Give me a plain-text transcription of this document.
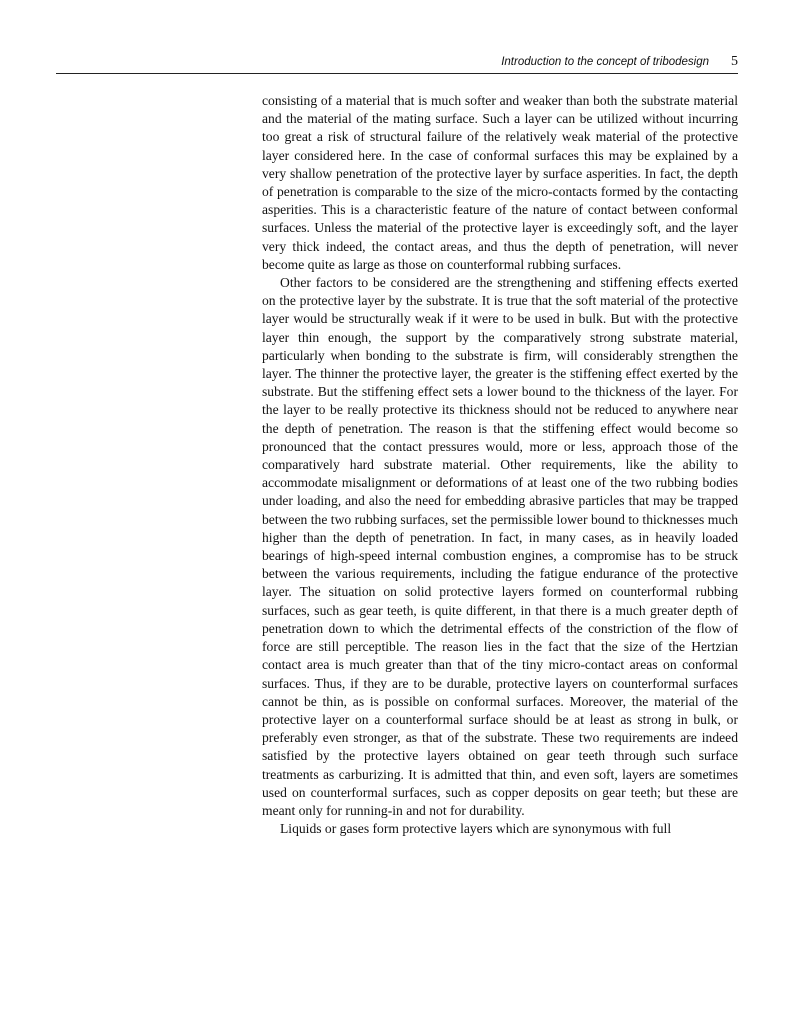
Introduction to the concept of tribodesign 5

consisting of a material that is much softer and weaker than both the substrate material and the material of the mating surface. Such a layer can be utilized without incurring too great a risk of structural failure of the relatively weak material of the protective layer considered here. In the case of conformal surfaces this may be explained by a very shallow penetration of the protective layer by surface asperities. In fact, the depth of penetration is comparable to the size of the micro-contacts formed by the contacting asperities. This is a characteristic feature of the nature of contact between conformal surfaces. Unless the material of the protective layer is exceedingly soft, and the layer very thick indeed, the contact areas, and thus the depth of penetration, will never become quite as large as those on counterformal rubbing surfaces.

Other factors to be considered are the strengthening and stiffening effects exerted on the protective layer by the substrate. It is true that the soft material of the protective layer would be structurally weak if it were to be used in bulk. But with the protective layer thin enough, the support by the comparatively strong substrate material, particularly when bonding to the substrate is firm, will considerably strengthen the layer. The thinner the protective layer, the greater is the stiffening effect exerted by the substrate. But the stiffening effect sets a lower bound to the thickness of the layer. For the layer to be really protective its thickness should not be reduced to anywhere near the depth of penetration. The reason is that the stiffening effect would become so pronounced that the contact pressures would, more or less, approach those of the comparatively hard substrate material. Other requirements, like the ability to accommodate misalignment or deformations of at least one of the two rubbing bodies under loading, and also the need for embedding abrasive particles that may be trapped between the two rubbing surfaces, set the permissible lower bound to thicknesses much higher than the depth of penetration. In fact, in many cases, as in heavily loaded bearings of high-speed internal combustion engines, a compromise has to be struck between the various requirements, including the fatigue endurance of the protective layer. The situation on solid protective layers formed on counterformal rubbing surfaces, such as gear teeth, is quite different, in that there is a much greater depth of penetration down to which the detrimental effects of the constriction of the flow of force are still perceptible. The reason lies in the fact that the size of the Hertzian contact area is much greater than that of the tiny micro-contact areas on conformal surfaces. Thus, if they are to be durable, protective layers on counterformal surfaces cannot be thin, as is possible on conformal surfaces. Moreover, the material of the protective layer on a counterformal surface should be at least as strong in bulk, or preferably even stronger, as that of the substrate. These two requirements are indeed satisfied by the protective layers obtained on gear teeth through such surface treatments as carburizing. It is admitted that thin, and even soft, layers are sometimes used on counterformal surfaces, such as copper deposits on gear teeth; but these are meant only for running-in and not for durability.

Liquids or gases form protective layers which are synonymous with full
